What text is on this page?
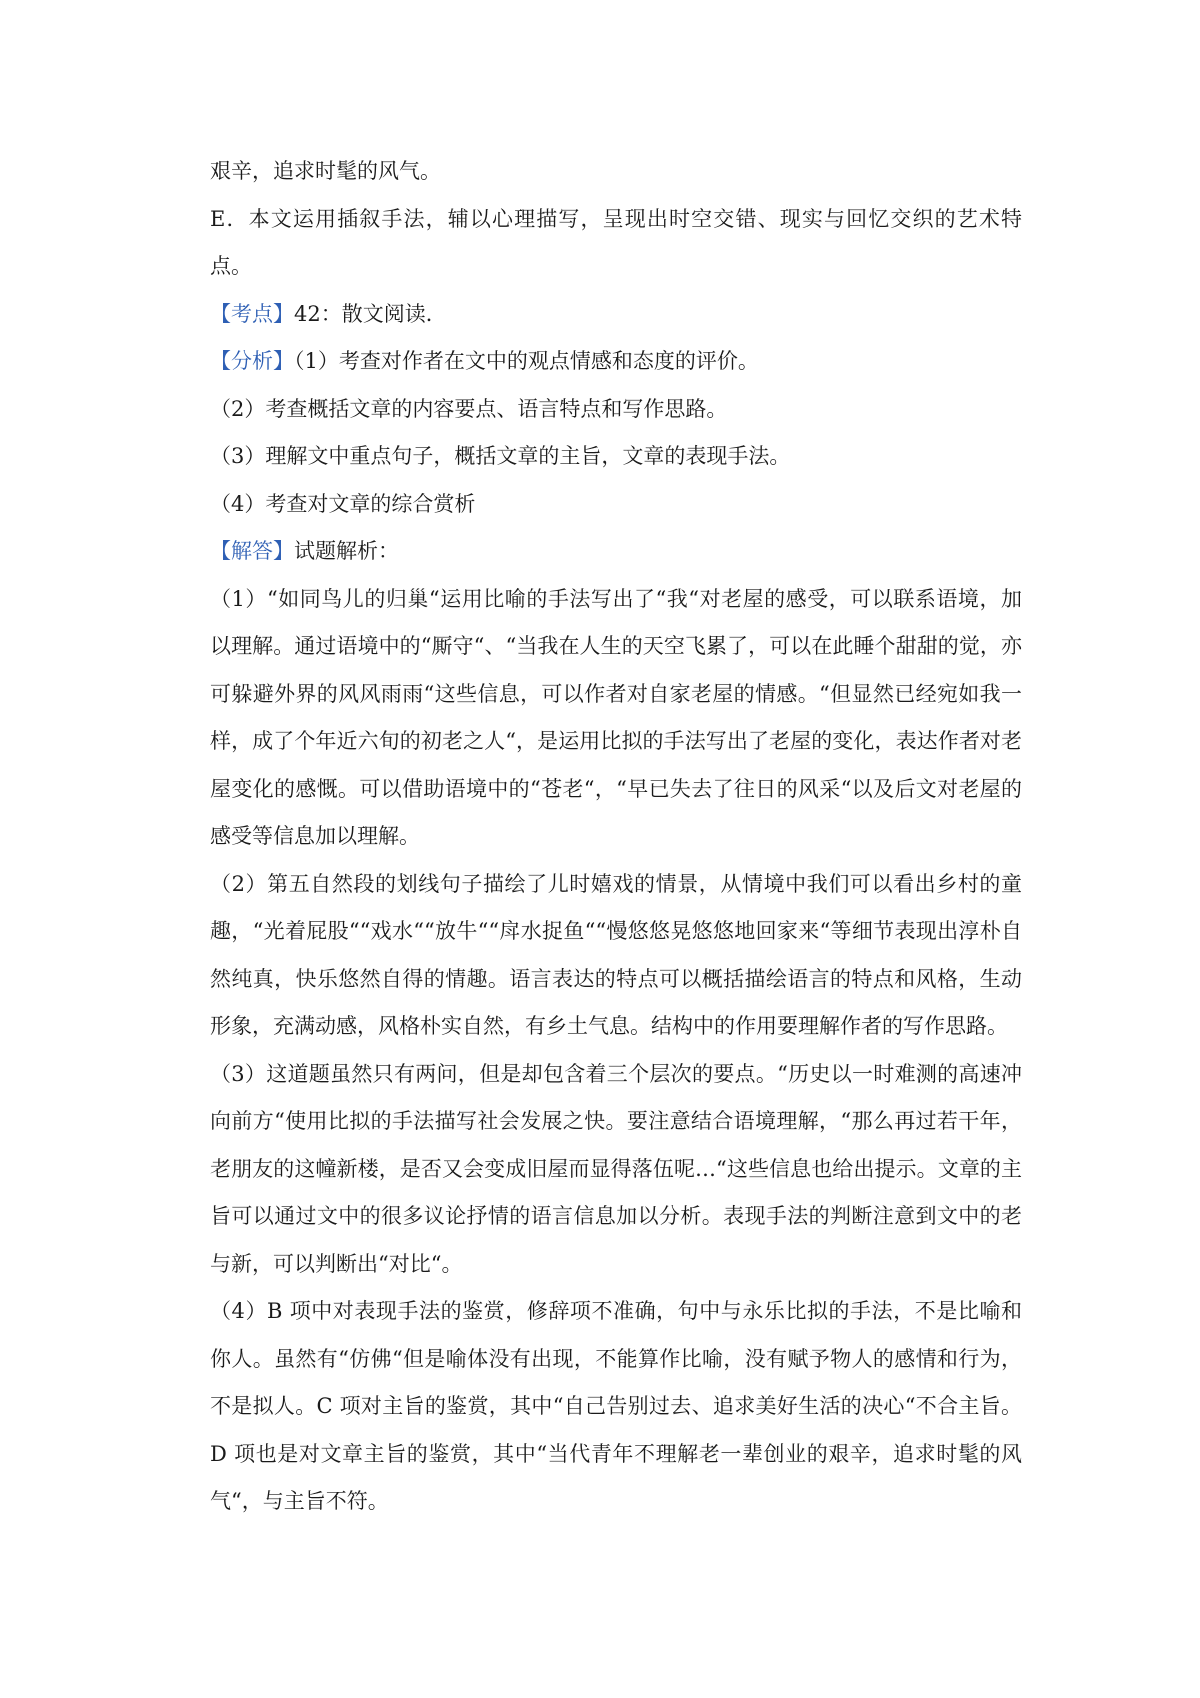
艰辛，追求时髦的风气。

E．本文运用插叙手法，辅以心理描写，呈现出时空交错、现实与回忆交织的艺术特点。

【考点】42：散文阅读．

【分析】（1）考查对作者在文中的观点情感和态度的评价。

（2）考查概括文章的内容要点、语言特点和写作思路。

（3）理解文中重点句子，概括文章的主旨，文章的表现手法。

（4）考查对文章的综合赏析

【解答】试题解析：

（1）“如同鸟儿的归巢“运用比喻的手法写出了“我“对老屋的感受，可以联系语境，加以理解。通过语境中的“厮守“、“当我在人生的天空飞累了，可以在此睡个甜甜的觉，亦可躲避外界的风风雨雨“这些信息，可以作者对自家老屋的情感。“但显然已经宛如我一样，成了个年近六旬的初老之人“，是运用比拟的手法写出了老屋的变化，表达作者对老屋变化的感慨。可以借助语境中的“苍老“，“早已失去了往日的风采“以及后文对老屋的感受等信息加以理解。

（2）第五自然段的划线句子描绘了儿时嬉戏的情景，从情境中我们可以看出乡村的童趣，“光着屁股““戏水““放牛““戽水捉鱼““慢悠悠晃悠悠地回家来“等细节表现出淳朴自然纯真，快乐悠然自得的情趣。语言表达的特点可以概括描绘语言的特点和风格，生动形象，充满动感，风格朴实自然，有乡土气息。结构中的作用要理解作者的写作思路。

（3）这道题虽然只有两问，但是却包含着三个层次的要点。“历史以一时难测的高速冲向前方“使用比拟的手法描写社会发展之快。要注意结合语境理解，“那么再过若干年，老朋友的这幢新楼，是否又会变成旧屋而显得落伍呢…“这些信息也给出提示。文章的主旨可以通过文中的很多议论抒情的语言信息加以分析。表现手法的判断注意到文中的老与新，可以判断出“对比“。

（4）B 项中对表现手法的鉴赏，修辞项不准确，句中与永乐比拟的手法，不是比喻和你人。虽然有“仿佛“但是喻体没有出现，不能算作比喻，没有赋予物人的感情和行为，不是拟人。C 项对主旨的鉴赏，其中“自己告别过去、追求美好生活的决心“不合主旨。D 项也是对文章主旨的鉴赏，其中“当代青年不理解老一辈创业的艰辛，追求时髦的风气“，与主旨不符。
